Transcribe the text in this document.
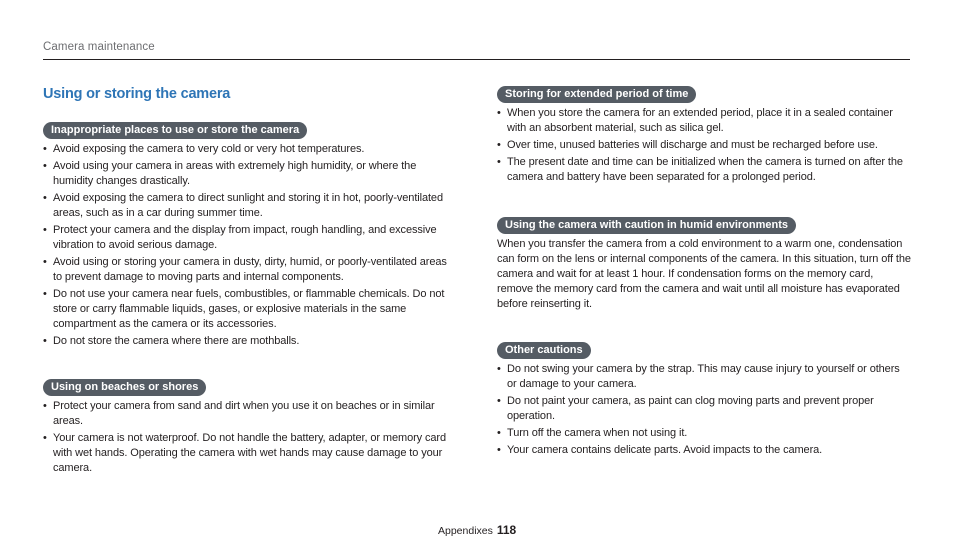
Camera maintenance
Using or storing the camera
Inappropriate places to use or store the camera
• Avoid exposing the camera to very cold or very hot temperatures.
• Avoid using your camera in areas with extremely high humidity, or where the humidity changes drastically.
• Avoid exposing the camera to direct sunlight and storing it in hot, poorly-ventilated areas, such as in a car during summer time.
• Protect your camera and the display from impact, rough handling, and excessive vibration to avoid serious damage.
• Avoid using or storing your camera in dusty, dirty, humid, or poorly-ventilated areas to prevent damage to moving parts and internal components.
• Do not use your camera near fuels, combustibles, or flammable chemicals. Do not store or carry flammable liquids, gases, or explosive materials in the same compartment as the camera or its accessories.
• Do not store the camera where there are mothballs.
Using on beaches or shores
• Protect your camera from sand and dirt when you use it on beaches or in similar areas.
• Your camera is not waterproof. Do not handle the battery, adapter, or memory card with wet hands. Operating the camera with wet hands may cause damage to your camera.
Storing for extended period of time
• When you store the camera for an extended period, place it in a sealed container with an absorbent material, such as silica gel.
• Over time, unused batteries will discharge and must be recharged before use.
• The present date and time can be initialized when the camera is turned on after the camera and battery have been separated for a prolonged period.
Using the camera with caution in humid environments

When you transfer the camera from a cold environment to a warm one, condensation can form on the lens or internal components of the camera. In this situation, turn off the camera and wait for at least 1 hour. If condensation forms on the memory card, remove the memory card from the camera and wait until all moisture has evaporated before reinserting it.

Other cautions
• Do not swing your camera by the strap. This may cause injury to yourself or others or damage to your camera.
• Do not paint your camera, as paint can clog moving parts and prevent proper operation.
• Turn off the camera when not using it.
• Your camera contains delicate parts. Avoid impacts to the camera.
Appendixes 118
